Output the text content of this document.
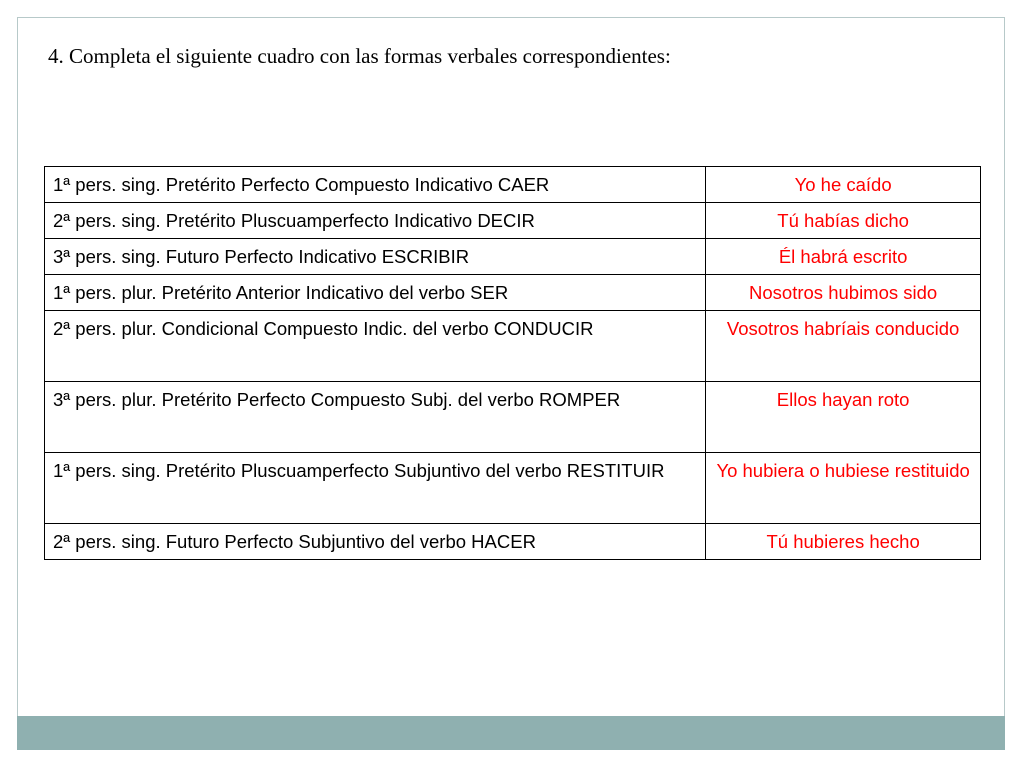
4. Completa el siguiente cuadro con las formas verbales correspondientes:
1ª pers. sing. Pretérito Perfecto Compuesto Indicativo CAER	Yo he caído
2ª pers. sing. Pretérito Pluscuamperfecto Indicativo DECIR	Tú habías dicho
3ª pers. sing. Futuro Perfecto Indicativo ESCRIBIR	Él habrá escrito
1ª pers. plur. Pretérito Anterior Indicativo del verbo SER	Nosotros hubimos sido
2ª pers. plur. Condicional Compuesto Indic. del verbo CONDUCIR	Vosotros habríais conducido
3ª pers. plur. Pretérito Perfecto Compuesto Subj. del verbo ROMPER	Ellos hayan roto
1ª pers. sing. Pretérito Pluscuamperfecto Subjuntivo del verbo RESTITUIR	Yo hubiera o hubiese restituido
2ª pers. sing. Futuro Perfecto Subjuntivo del verbo HACER	Tú hubieres hecho
